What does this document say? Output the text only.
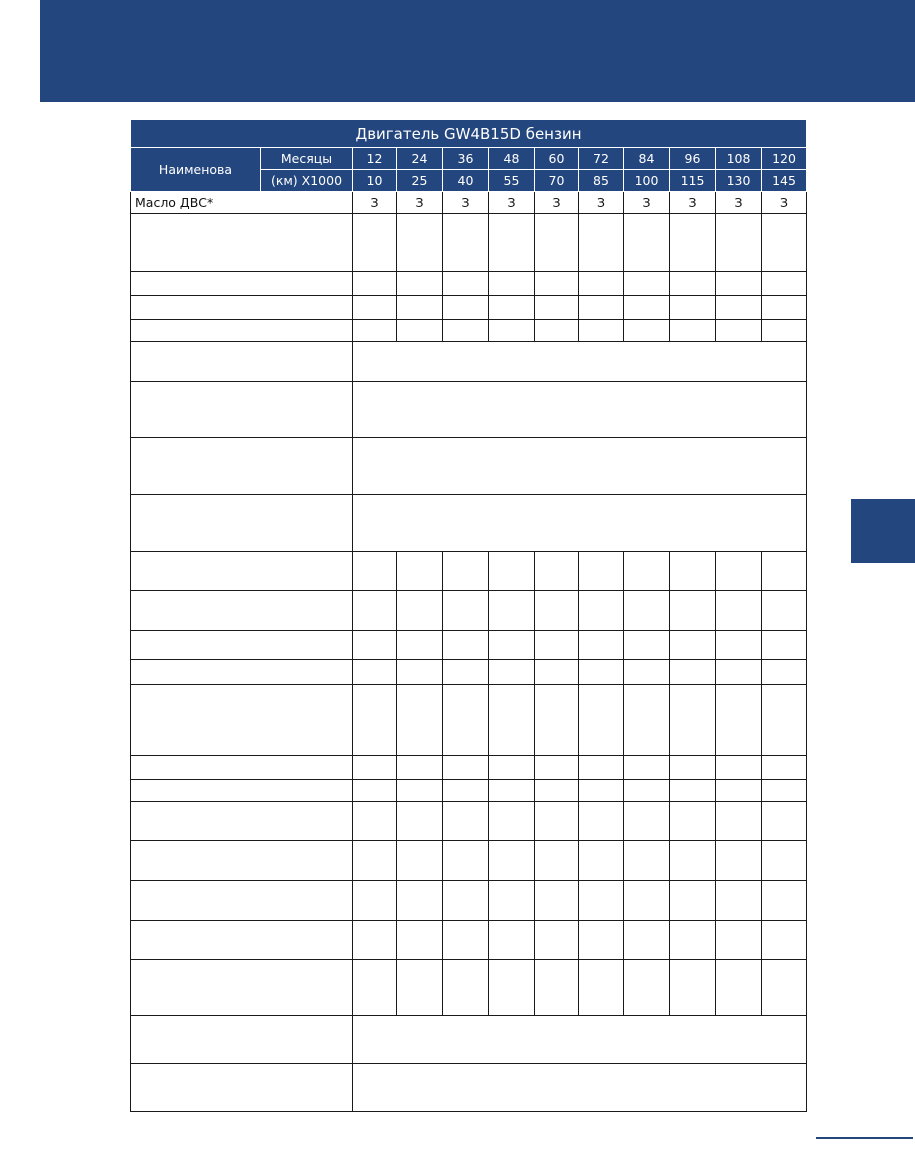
Двигатель GW4B15D бензин											
Наименова	Месяцы	12	24	36	48	60	72	84	96	108	120
	(км) X1000	10	25	40	55	70	85	100	115	130	145
Масло ДВС*		З	З	З	З	З	З	З	З	З	З
